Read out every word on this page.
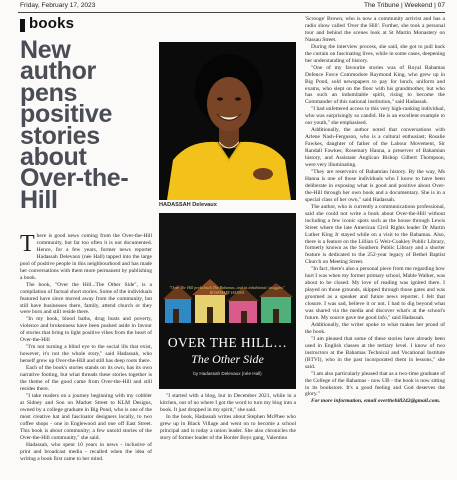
Friday, February 17, 2023	The Tribune | Weekend | 07
books
New author pens positive stories about Over-the-Hill	HADASSAH Delevaux
"Over The Hill peeks back The Bahamas, and its inhabitants' struggles" ROSEMARY HANNA
OVER THE HILL…
The Other Side
by Hadassah Delevaux (née Hall)

There is good news coming from the Over-the-Hill community, but far too often it is not documented. Hence, for a few years, former news reporter Hadassah Delevaux (née Hall) tapped into the large pool of positive people in this neighbourhood and has made her conversations with them more permanent by publishing a book.

The book, "Over the Hill...The Other Side", is a compilation of factual short stories. Some of the individuals featured have since moved away from the community, but still have businesses there, family, attend church or they were born and still reside there.

"In my book, blood baths, drug busts and poverty, violence and brokenness have been pushed aside in favour of stories that bring to light positive vibes from the heart of Over-the-Hill

"I'm not turning a blind eye to the social ills that exist, however, it's not the whole story," said Hadassah, who herself grew up Over-the-Hill and still has deep roots there.

Each of the book's stories stands on its own, has its own narrative footing, but what threads these stories together is the theme of the good came from Over-the-Hill and still resides there.

"I take readers on a journey beginning with my cobbler at Sidney and Son on Market Street to KLM Designs, owned by a college graduate in Big Pond, who is one of the most creative hat and fascinator designers locally, to two coffee shops - one in Englewood and one off East Street. This book is about community; a few untold stories of the Over-the-Hill community," she said.

Hadassah, who spent 10 years in news - inclusive of print and broadcast media - recalled when the idea of writing a book first came to her mind.

"I started with a blog, but in December 2021, while in a kitchen, out of no where I got the word to turn my blog into a book. It just dropped in my spirit," she said.

In the book, Hadassah writes about Stephen McPhee who grew up in Black Village and went on to become a school principal and is today a union leader. She also chronicles the story of former leader of the Border Boys gang, Valentino

'Scrooge' Brown, who is now a community activist and has a radio show called 'Over the Hill'. Further, she took a personal tour and behind the scenes look at St Martin Monastery on Nassau Street.

During the interview process, she said, she got to pull back the curtain on fascinating lives, while in some cases, deepening her understanding of history.

"One of my favourite stories was of Royal Bahamas Defence Force Commodore Raymond King, who grew up in Big Pond, sold newspapers to pay for lunch, uniform and exams, who slept on the floor with his grandmother, but who has such an indomitable spirit, rising to become the Commander of this national institution," said Hadassah.

"I had unfettered access to this very high-ranking individual, who was surprisingly so candid. He is an excellent example to our youth," she emphasised.

Additionally, the author noted that conversations with Arlene Nash-Ferguson, who is a cultural enthusiast; Rosalie Fawkes, daughter of father of the Labour Movement, Sir Randall Fawkes; Rosemary Hanna, a preserver of Bahamian history, and Assistant Anglican Bishop Gilbert Thompson, were very illuminating.

"They are reservoirs of Bahamian history. By the way, Ms Hanna is one of those individuals who I know to have been deliberate in exposing what is good and positive about Over-the-Hill through her own book and a documentary. She is in a special class of her own," said Hadassah.

The author, who is currently a communications professional, said she could not write a book about Over-the-Hill without including a few iconic spots such as the house through Lewis Street where the late American Civil Rights leader Dr Martin Luther King Jr stayed while on a visit to the Bahamas. Also, there is a feature on the Lillian G Weir-Coakley Public Library, formerly known as the Southern Public Library and a shorter feature is dedicated to the 252-year legacy of Bethel Baptist Church on Meeting Street.

"In fact, there's also a personal piece from me regarding how hurt I was when my former primary school, Mable Walker, was about to be closed. My love of reading was ignited there. I played on those grounds, skipped through those gates and was groomed as a speaker and future news reporter. I felt that closure. I was sad, believe it or not. I had to dig beyond what was shared via the media and discover what's at the school's future. My source gave me good info," said Hadassah.

Additionally, the writer spoke to what makes her proud of the book.

"I am pleased that some of these stories have already been used in English classes at the tertiary level. I know of two instructors at the Bahamas Technical and Vocational Institute (BTVI), who in the past incorporated them in lessons," she said.

"I am also particularly pleased that as a two-time graduate of the College of the Bahamas - now UB - the book is now sitting in its bookstore. It's a good feeling and God deserves the glory."

For more information, email overthehill242@gmail.com.
